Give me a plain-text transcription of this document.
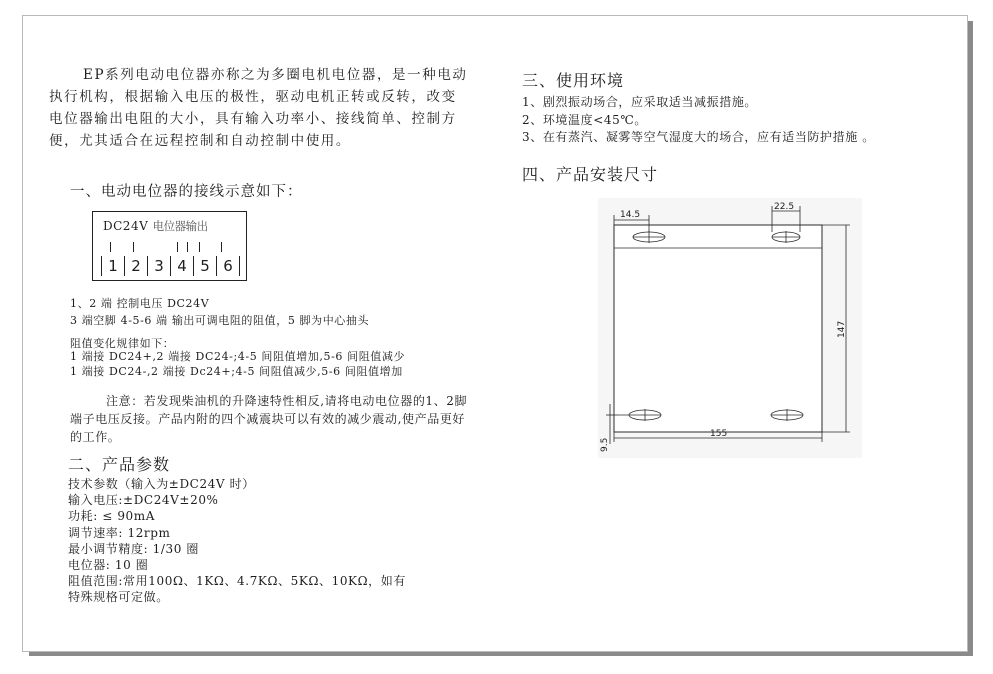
EP系列电动电位器亦称之为多圈电机电位器，是一种电动执行机构，根据输入电压的极性，驱动电机正转或反转，改变电位器输出电阻的大小，具有输入功率小、接线简单、控制方便，尤其适合在远程控制和自动控制中使用。
一、电动电位器的接线示意如下：
DC24V 电位器输出
1 2 3 4 5 6
1、2 端 控制电压 DC24V
3 端空脚 4-5-6 端 输出可调电阻的阻值，5 脚为中心抽头
阻值变化规律如下：
1 端接 DC24+,2 端接 DC24-;4-5 间阻值增加,5-6 间阻值减少
1 端接 DC24-,2 端接 Dc24+;4-5 间阻值减少,5-6 间阻值增加
注意：若发现柴油机的升降速特性相反,请将电动电位器的1、2脚端子电压反接。产品内附的四个减震块可以有效的减少震动,使产品更好的工作。
二、产品参数
技术参数（输入为±DC24V 时）
输入电压:±DC24V±20%
功耗: ≤ 90mA
调节速率: 12rpm
最小调节精度: 1/30 圈
电位器: 10 圈
阻值范围:常用100Ω、1KΩ、4.7KΩ、5KΩ、10KΩ，如有
特殊规格可定做。
三、使用环境
1、剧烈振动场合，应采取适当减振措施。
2、环境温度<45℃。
3、在有蒸汽、凝雾等空气湿度大的场合，应有适当防护措施 。
四、产品安装尺寸
14.5
22.5
147
155
9.5
